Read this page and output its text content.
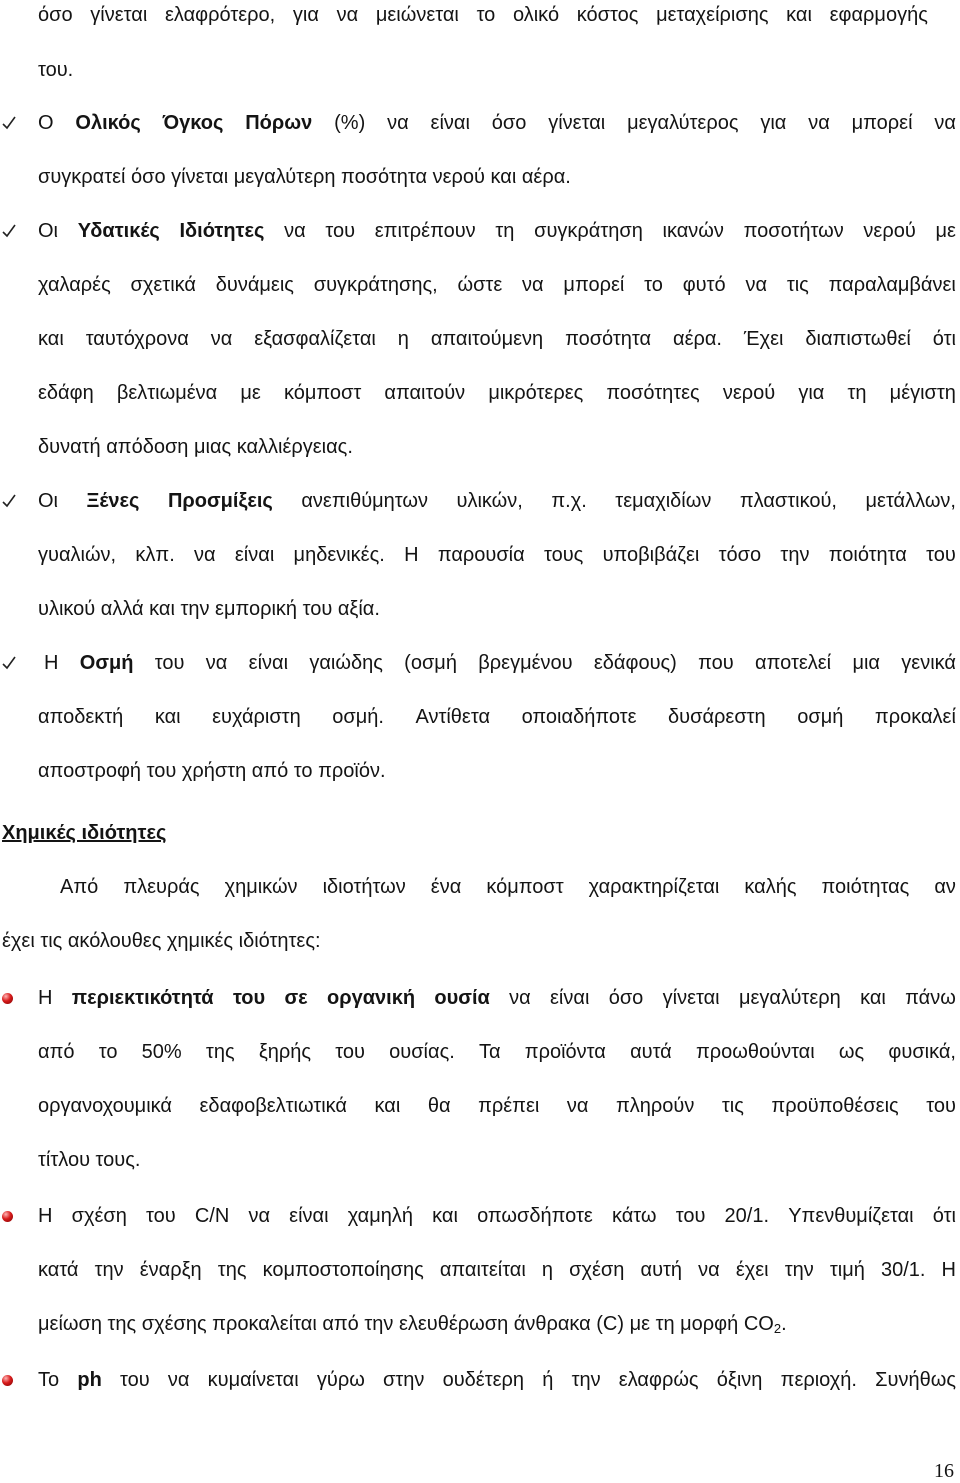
όσο γίνεται ελαφρότερο, για να μειώνεται το ολικό κόστος μεταχείρισης και εφαρμογής
του.
Ο Ολικός Όγκος Πόρων (%) να είναι όσο γίνεται μεγαλύτερος για να μπορεί να
συγκρατεί όσο γίνεται μεγαλύτερη ποσότητα νερού και αέρα.
Οι Υδατικές Ιδιότητες να του επιτρέπουν τη συγκράτηση ικανών ποσοτήτων νερού με
χαλαρές σχετικά δυνάμεις συγκράτησης, ώστε να μπορεί το φυτό να τις παραλαμβάνει
και ταυτόχρονα να εξασφαλίζεται η απαιτούμενη ποσότητα αέρα. Έχει διαπιστωθεί ότι
εδάφη βελτιωμένα με κόμποστ απαιτούν μικρότερες ποσότητες νερού για τη μέγιστη
δυνατή απόδοση μιας καλλιέργειας.
Οι Ξένες Προσμίξεις ανεπιθύμητων υλικών, π.χ. τεμαχιδίων πλαστικού, μετάλλων,
γυαλιών, κλπ. να είναι μηδενικές. Η παρουσία τους υποβιβάζει τόσο την ποιότητα του
υλικού αλλά και την εμπορική του αξία.
Η Οσμή του να είναι γαιώδης (οσμή βρεγμένου εδάφους) που αποτελεί μια γενικά
αποδεκτή και ευχάριστη οσμή. Αντίθετα οποιαδήποτε δυσάρεστη οσμή προκαλεί
αποστροφή του χρήστη από το προϊόν.
Χημικές ιδιότητες
Από πλευράς χημικών ιδιοτήτων ένα κόμποστ χαρακτηρίζεται καλής ποιότητας αν
έχει τις ακόλουθες χημικές ιδιότητες:
Η περιεκτικότητά του σε οργανική ουσία να είναι όσο γίνεται μεγαλύτερη και πάνω
από το 50% της ξηρής του ουσίας. Τα προϊόντα αυτά προωθούνται ως φυσικά,
οργανοχουμικά εδαφοβελτιωτικά και θα πρέπει να πληρούν τις προϋποθέσεις του
τίτλου τους.
Η σχέση του C/N να είναι χαμηλή και οπωσδήποτε κάτω του 20/1. Υπενθυμίζεται ότι
κατά την έναρξη της κομποστοποίησης απαιτείται η σχέση αυτή να έχει την τιμή 30/1. Η
μείωση της σχέσης προκαλείται από την ελευθέρωση άνθρακα (C) με τη μορφή $CO_2$.
Το ph του να κυμαίνεται γύρω στην ουδέτερη ή την ελαφρώς όξινη περιοχή. Συνήθως
16
